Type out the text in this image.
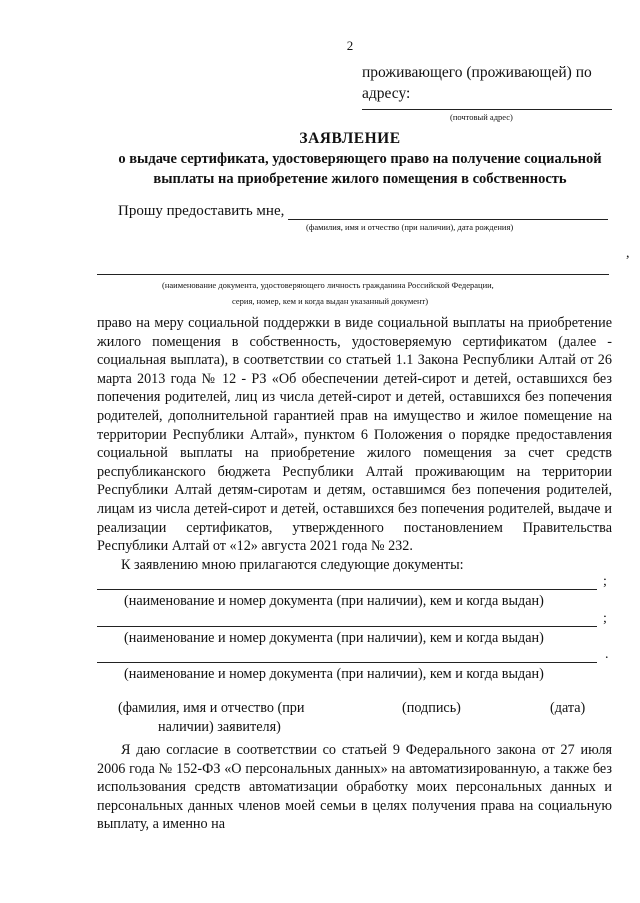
2
проживающего (проживающей) по
адресу:
(почтовый адрес)
ЗАЯВЛЕНИЕ
о выдаче сертификата, удостоверяющего право на получение социальной выплаты на приобретение жилого помещения в собственность
Прошу предоставить мне,
(фамилия, имя и отчество (при наличии), дата рождения)
,
(наименование документа, удостоверяющего личность гражданина Российской Федерации,
серия, номер, кем и когда выдан указанный документ)

право на меру социальной поддержки в виде социальной выплаты на приобретение жилого помещения в собственность, удостоверяемую сертификатом (далее - социальная выплата), в соответствии со статьей 1.1 Закона Республики Алтай от 26 марта 2013 года № 12 - РЗ «Об обеспечении детей-сирот и детей, оставшихся без попечения родителей, лиц из числа детей-сирот и детей, оставшихся без попечения родителей, дополнительной гарантией прав на имущество и жилое помещение на территории Республики Алтай», пунктом 6 Положения о порядке предоставления социальной выплаты на приобретение жилого помещения за счет средств республиканского бюджета Республики Алтай проживающим на территории Республики Алтай детям-сиротам и детям, оставшимся без попечения родителей, лицам из числа детей-сирот и детей, оставшихся без попечения родителей, выдаче и реализации сертификатов, утвержденного постановлением Правительства Республики Алтай от «12» августа 2021 года № 232.

К заявлению мною прилагаются следующие документы:

;
(наименование и номер документа (при наличии), кем и когда выдан)
;
(наименование и номер документа (при наличии), кем и когда выдан)
.
(наименование и номер документа (при наличии), кем и когда выдан)
(фамилия, имя и отчество (при
наличии) заявителя)
(подпись)	(дата)

Я даю согласие в соответствии со статьей 9 Федерального закона от 27 июля 2006 года № 152-ФЗ «О персональных данных» на автоматизированную, а также без использования средств автоматизации обработку моих персональных данных и персональных данных членов моей семьи в целях получения права на социальную выплату, а именно на
